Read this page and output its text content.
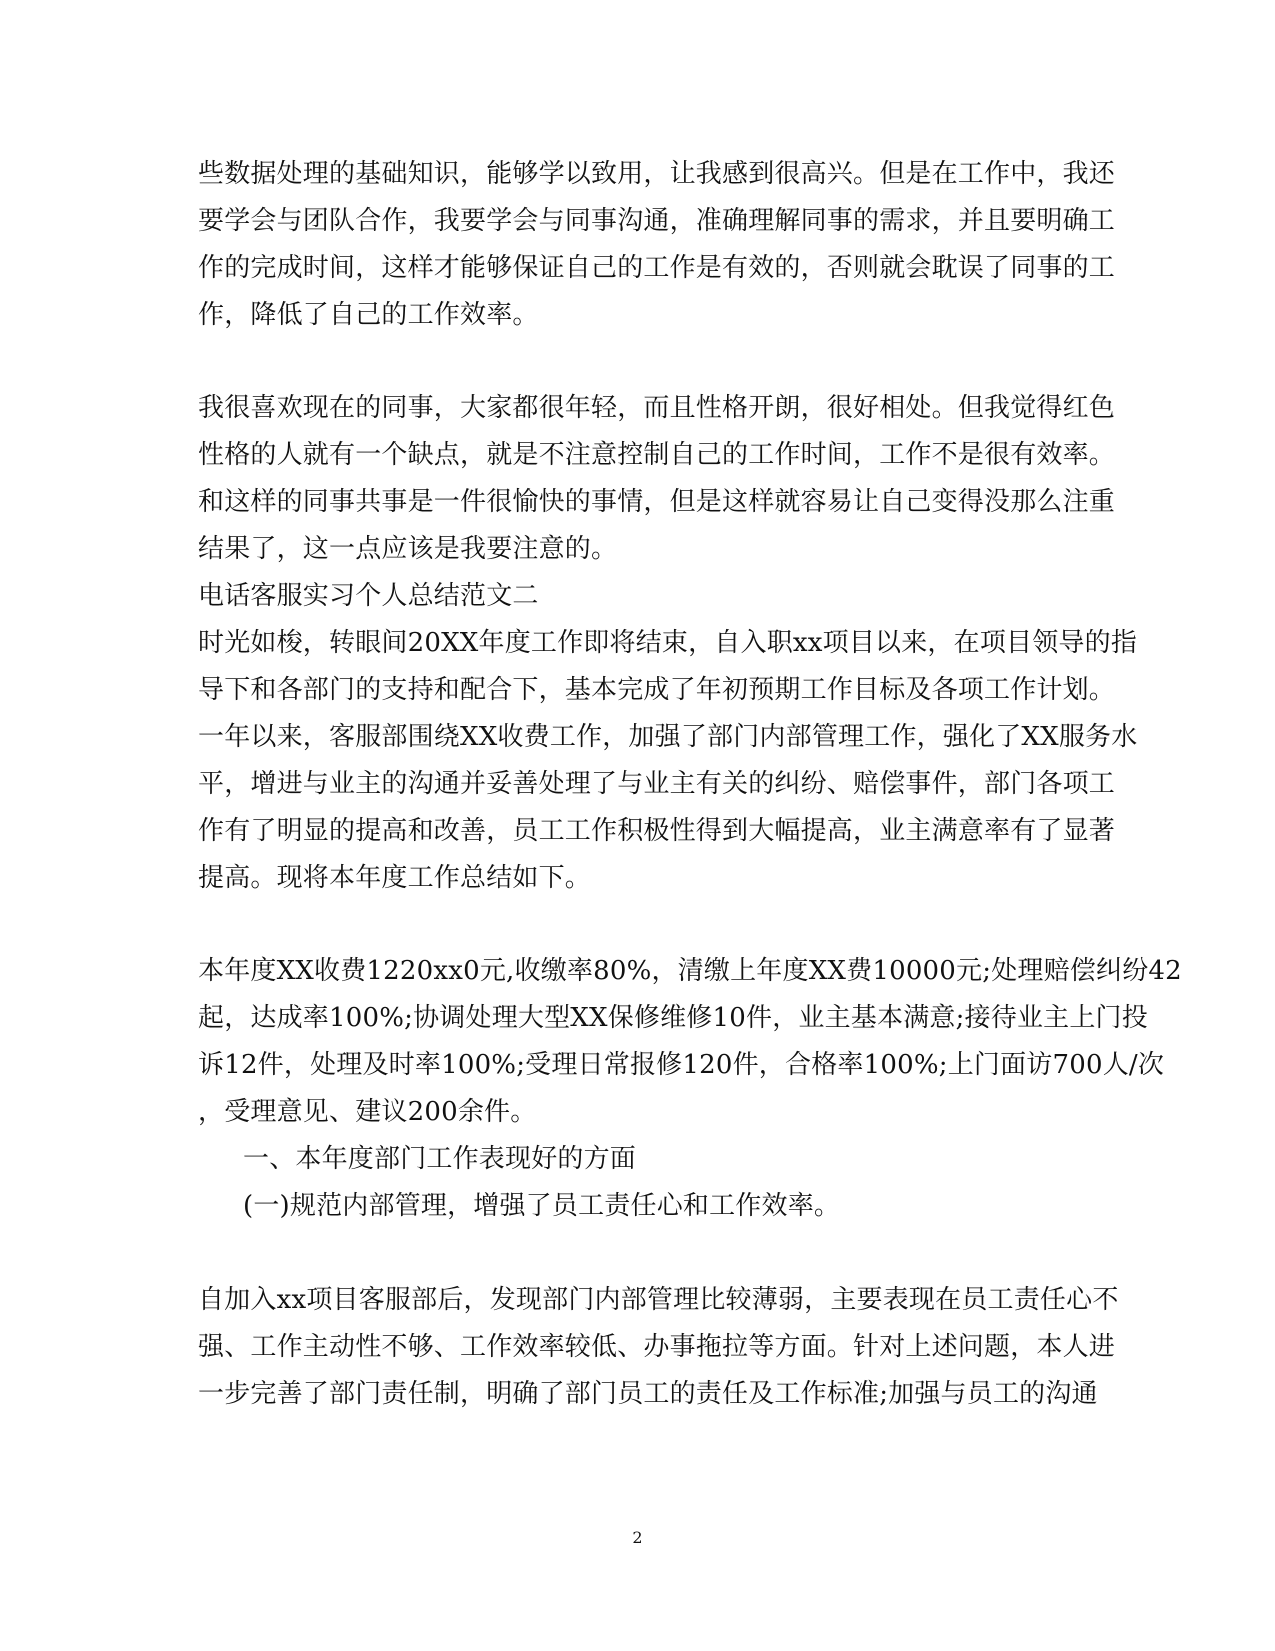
些数据处理的基础知识，能够学以致用，让我感到很高兴。但是在工作中，我还

要学会与团队合作，我要学会与同事沟通，准确理解同事的需求，并且要明确工

作的完成时间，这样才能够保证自己的工作是有效的，否则就会耽误了同事的工

作，降低了自己的工作效率。

我很喜欢现在的同事，大家都很年轻，而且性格开朗，很好相处。但我觉得红色

性格的人就有一个缺点，就是不注意控制自己的工作时间，工作不是很有效率。

和这样的同事共事是一件很愉快的事情，但是这样就容易让自己变得没那么注重

结果了，这一点应该是我要注意的。

电话客服实习个人总结范文二

时光如梭，转眼间20XX年度工作即将结束，自入职xx项目以来，在项目领导的指

导下和各部门的支持和配合下，基本完成了年初预期工作目标及各项工作计划。

一年以来，客服部围绕XX收费工作，加强了部门内部管理工作，强化了XX服务水

平，增进与业主的沟通并妥善处理了与业主有关的纠纷、赔偿事件，部门各项工

作有了明显的提高和改善，员工工作积极性得到大幅提高，业主满意率有了显著

提高。现将本年度工作总结如下。

本年度XX收费1220xx0元,收缴率80%，清缴上年度XX费10000元;处理赔偿纠纷42

起，达成率100%;协调处理大型XX保修维修10件，业主基本满意;接待业主上门投

诉12件，处理及时率100%;受理日常报修120件，合格率100%;上门面访700人/次

，受理意见、建议200余件。

一、本年度部门工作表现好的方面

(一)规范内部管理，增强了员工责任心和工作效率。

自加入xx项目客服部后，发现部门内部管理比较薄弱，主要表现在员工责任心不

强、工作主动性不够、工作效率较低、办事拖拉等方面。针对上述问题，本人进

一步完善了部门责任制，明确了部门员工的责任及工作标准;加强与员工的沟通

2
